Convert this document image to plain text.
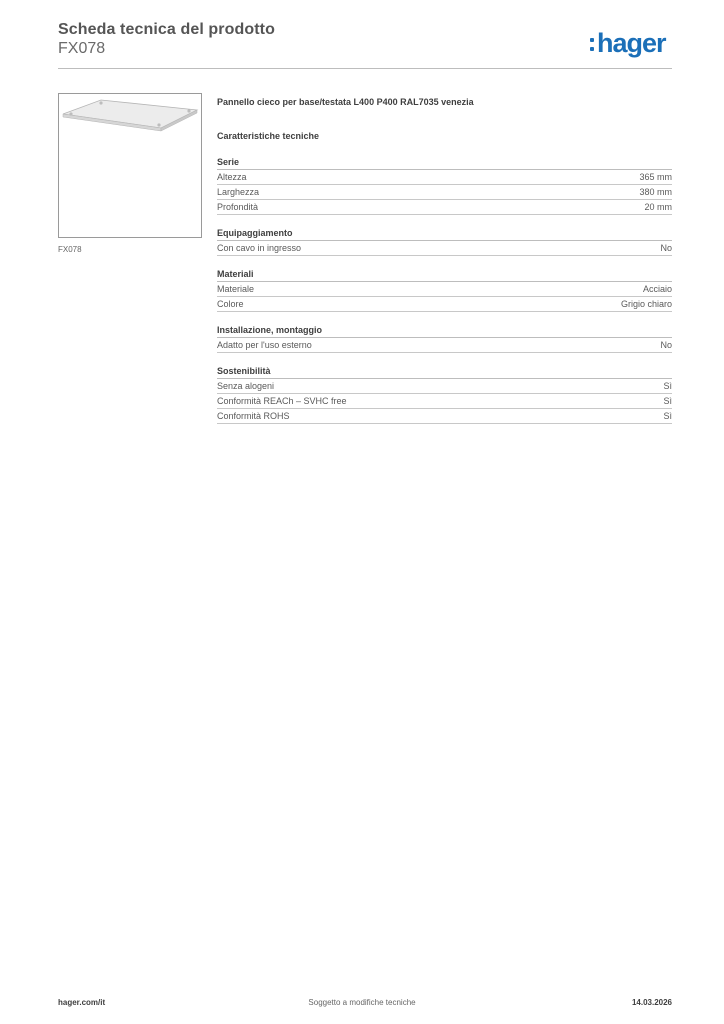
Scheda tecnica del prodotto
FX078	hager
FX078
Pannello cieco per base/testata L400 P400 RAL7035 venezia
Caratteristiche tecniche
Serie
Altezza	365 mm
Larghezza	380 mm
Profondità	20 mm
Equipaggiamento
Con cavo in ingresso	No
Materiali
Materiale	Acciaio
Colore	Grigio chiaro
Installazione, montaggio
Adatto per l'uso esterno	No
Sostenibilità
Senza alogeni	Sì
Conformità REACh – SVHC free	Sì
Conformità ROHS	Sì
hager.com/it	Soggetto a modifiche tecniche	14.03.2026
